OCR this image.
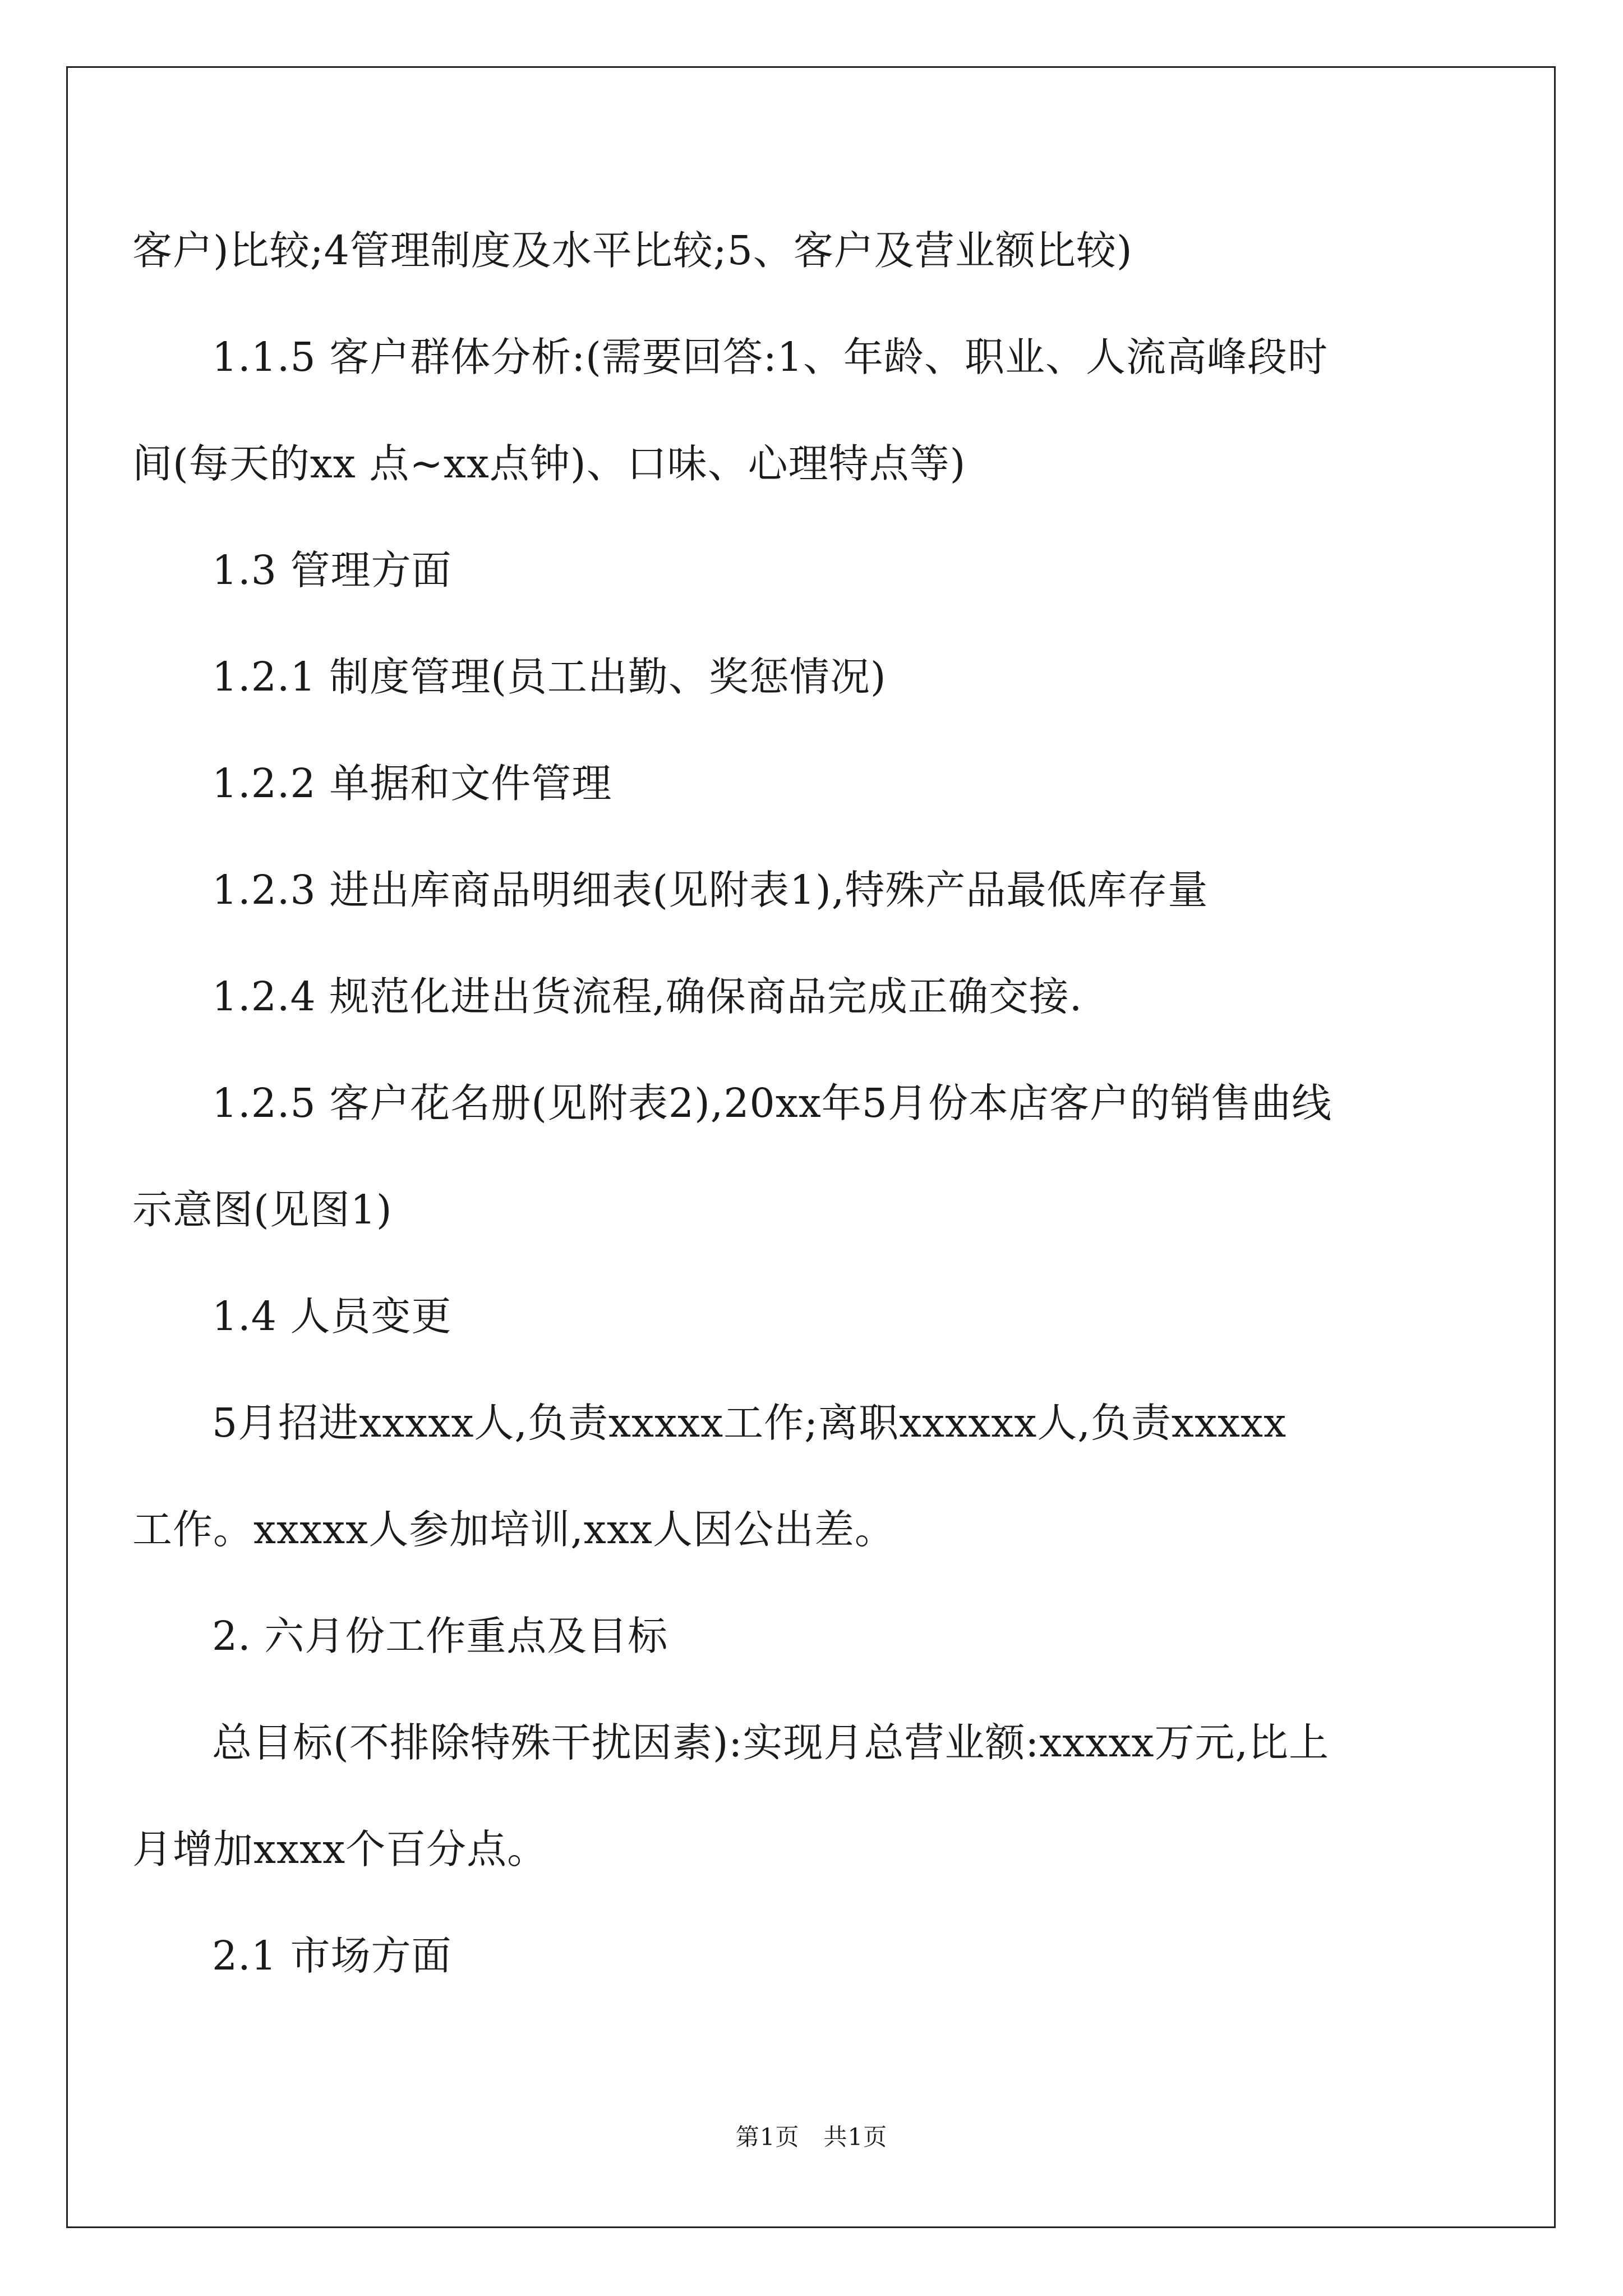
客户)比较;4管理制度及水平比较;5、客户及营业额比较)
1.1.5 客户群体分析:(需要回答:1、年龄、职业、人流高峰段时
间(每天的xx 点~xx点钟)、口味、心理特点等)
1.3 管理方面
1.2.1 制度管理(员工出勤、奖惩情况)
1.2.2 单据和文件管理
1.2.3 进出库商品明细表(见附表1),特殊产品最低库存量
1.2.4 规范化进出货流程,确保商品完成正确交接.
1.2.5 客户花名册(见附表2),20xx年5月份本店客户的销售曲线
示意图(见图1)
1.4 人员变更
5月招进xxxxx人,负责xxxxx工作;离职xxxxxx人,负责xxxxx
工作。xxxxx人参加培训,xxx人因公出差。
2. 六月份工作重点及目标
总目标(不排除特殊干扰因素):实现月总营业额:xxxxx万元,比上
月增加xxxx个百分点。
2.1 市场方面
第1页　共1页
